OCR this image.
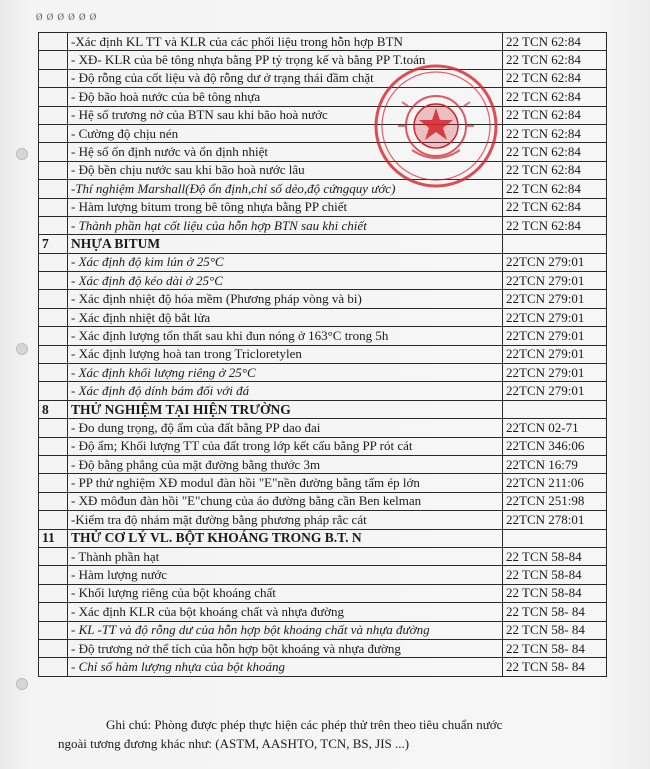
Ø Ø Ø Ø Ø Ø
	-Xác định KL TT và KLR của các phối liệu trong hỗn hợp BTN	22 TCN 62:84
	- XĐ- KLR của bê tông nhựa bằng PP tỷ trọng kế và bằng PP T.toán	22 TCN 62:84
	- Độ rỗng của cốt liệu và độ rỗng dư ở trạng thái đầm chặt	22 TCN 62:84
	- Độ bão hoà nước của bê tông nhựa	22 TCN 62:84
	- Hệ số trương nở của BTN sau khi bão hoà nước	22 TCN 62:84
	- Cường độ chịu nén	22 TCN 62:84
	- Hệ số ổn định nước và ổn định nhiệt	22 TCN 62:84
	- Độ bền chịu nước sau khi bão hoà nước lâu	22 TCN 62:84
	-Thí nghiệm Marshall(Độ ổn định,chỉ số dẻo,độ cứngquy ước)	22 TCN 62:84
	- Hàm lượng bitum trong bê tông nhựa bằng PP chiết	22 TCN 62:84
	- Thành phần hạt cốt liệu của hỗn hợp BTN sau khi chiết	22 TCN 62:84
7	NHỰA BITUM	
	- Xác định độ kim lún ở 25°C	22TCN 279:01
	- Xác định độ kéo dài ở 25°C	22TCN 279:01
	- Xác định nhiệt độ hóa mềm (Phương pháp vòng và bi)	22TCN 279:01
	- Xác định nhiệt độ bắt lửa	22TCN 279:01
	- Xác định lượng tổn thất sau khi đun nóng ở 163°C trong 5h	22TCN 279:01
	- Xác định lượng hoà tan trong Tricloretylen	22TCN 279:01
	- Xác định khối lượng riêng ở 25°C	22TCN 279:01
	- Xác định độ dính bám đối với đá	22TCN 279:01
8	THỬ NGHIỆM TẠI HIỆN TRƯỜNG	
	- Đo dung trọng, độ ẩm của đất bằng PP dao đai	22TCN 02-71
	- Độ ẩm; Khối lượng TT của đất trong lớp kết cấu bằng PP rót cát	22TCN 346:06
	- Độ bằng phẳng của mặt đường bằng thước 3m	22TCN 16:79
	- PP thử nghiệm XĐ modul đàn hồi "E"nền đường bằng tấm ép lớn	22TCN 211:06
	- XĐ môđun đàn hồi "E"chung của áo đường bằng cần Ben kelman	22TCN 251:98
	-Kiểm tra độ nhám mặt đường bằng phương pháp rắc cát	22TCN 278:01
11	THỬ CƠ LÝ VL. BỘT KHOÁNG TRONG B.T. N	
	- Thành phần hạt	22 TCN 58-84
	- Hàm lượng nước	22 TCN 58-84
	- Khối lượng riêng của bột khoáng chất	22 TCN 58-84
	- Xác định KLR của bột khoáng chất và nhựa đường	22 TCN 58- 84
	- KL -TT và độ rỗng dư của hỗn hợp bột khoáng chất và nhựa đường	22 TCN 58- 84
	- Độ trương nở thể tích của hỗn hợp bột khoáng và nhựa đường	22 TCN 58- 84
	- Chỉ số hàm lượng nhựa của bột khoáng	22 TCN 58- 84
Ghi chú: Phòng được phép thực hiện các phép thử trên theo tiêu chuẩn nước
ngoài tương đương khác như: (ASTM, AASHTO, TCN, BS, JIS ...)
